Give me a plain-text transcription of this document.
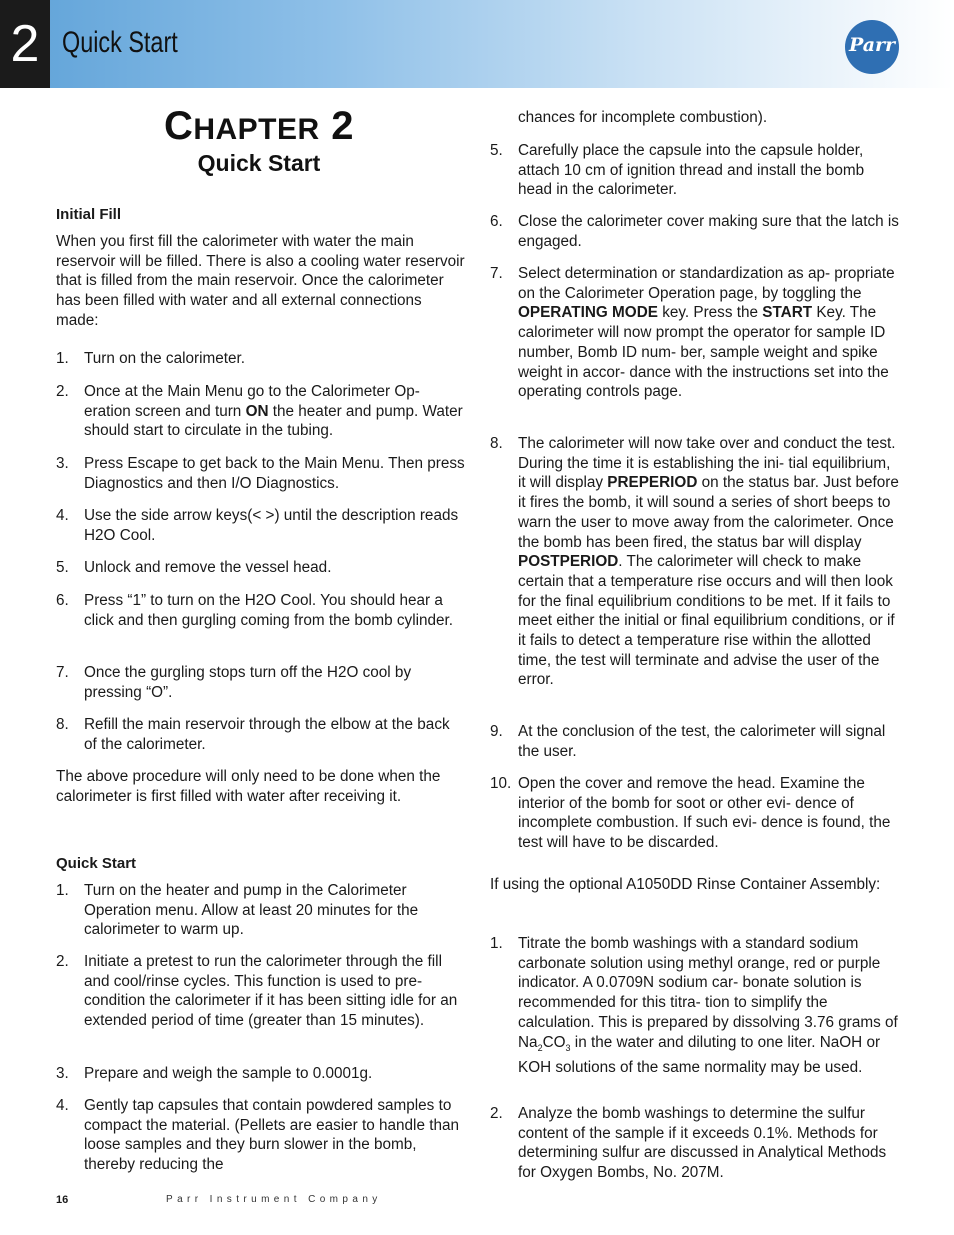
2 Quick Start	Parr
CHAPTER 2
Quick Start
Initial Fill
When you first fill the calorimeter with water the main reservoir will be filled. There is also a cooling water reservoir that is filled from the main reservoir. Once the calorimeter has been filled with water and all external connections made:
1. Turn on the calorimeter.
2. Once at the Main Menu go to the Calorimeter Op- eration screen and turn ON the heater and pump. Water should start to circulate in the tubing.
3. Press Escape to get back to the Main Menu. Then press Diagnostics and then I/O Diagnostics.
4. Use the side arrow keys(< >) until the description reads H2O Cool.
5. Unlock and remove the vessel head.
6. Press “1” to turn on the H2O Cool. You should hear a click and then gurgling coming from the bomb cylinder.
7. Once the gurgling stops turn off the H2O cool by pressing “O”.
8. Refill the main reservoir through the elbow at the back of the calorimeter.
The above procedure will only need to be done when the calorimeter is first filled with water after receiving it.
Quick Start
1. Turn on the heater and pump in the Calorimeter Operation menu. Allow at least 20 minutes for the calorimeter to warm up.
2. Initiate a pretest to run the calorimeter through the fill and cool/rinse cycles. This function is used to pre-condition the calorimeter if it has been sitting idle for an extended period of time (greater than 15 minutes).
3. Prepare and weigh the sample to 0.0001g.
4. Gently tap capsules that contain powdered samples to compact the material. (Pellets are easier to handle than loose samples and they burn slower in the bomb, thereby reducing the
chances for incomplete combustion).
5. Carefully place the capsule into the capsule holder, attach 10 cm of ignition thread and install the bomb head in the calorimeter.
6. Close the calorimeter cover making sure that the latch is engaged.
7. Select determination or standardization as ap- propriate on the Calorimeter Operation page, by toggling the OPERATING MODE key. Press the START Key. The calorimeter will now prompt the operator for sample ID number, Bomb ID num- ber, sample weight and spike weight in accor- dance with the instructions set into the operating controls page.
8. The calorimeter will now take over and conduct the test. During the time it is establishing the ini- tial equilibrium, it will display PREPERIOD on the status bar. Just before it fires the bomb, it will sound a series of short beeps to warn the user to move away from the calorimeter. Once the bomb has been fired, the status bar will display POSTPERIOD. The calorimeter will check to make certain that a temperature rise occurs and will then look for the final equilibrium conditions to be met. If it fails to meet either the initial or final equilibrium conditions, or if it fails to detect a temperature rise within the allotted time, the test will terminate and advise the user of the error.
9. At the conclusion of the test, the calorimeter will signal the user.
10. Open the cover and remove the head. Examine the interior of the bomb for soot or other evi- dence of incomplete combustion. If such evi- dence is found, the test will have to be discarded.
If using the optional A1050DD Rinse Container Assembly:
1. Titrate the bomb washings with a standard sodium carbonate solution using methyl orange, red or purple indicator. A 0.0709N sodium car- bonate solution is recommended for this titra- tion to simplify the calculation. This is prepared by dissolving 3.76 grams of $Na_2CO_3$ in the water and diluting to one liter. NaOH or KOH solutions of the same normality may be used.
2. Analyze the bomb washings to determine the sulfur content of the sample if it exceeds 0.1%. Methods for determining sulfur are discussed in Analytical Methods for Oxygen Bombs, No. 207M.
16	Parr Instrument Company
